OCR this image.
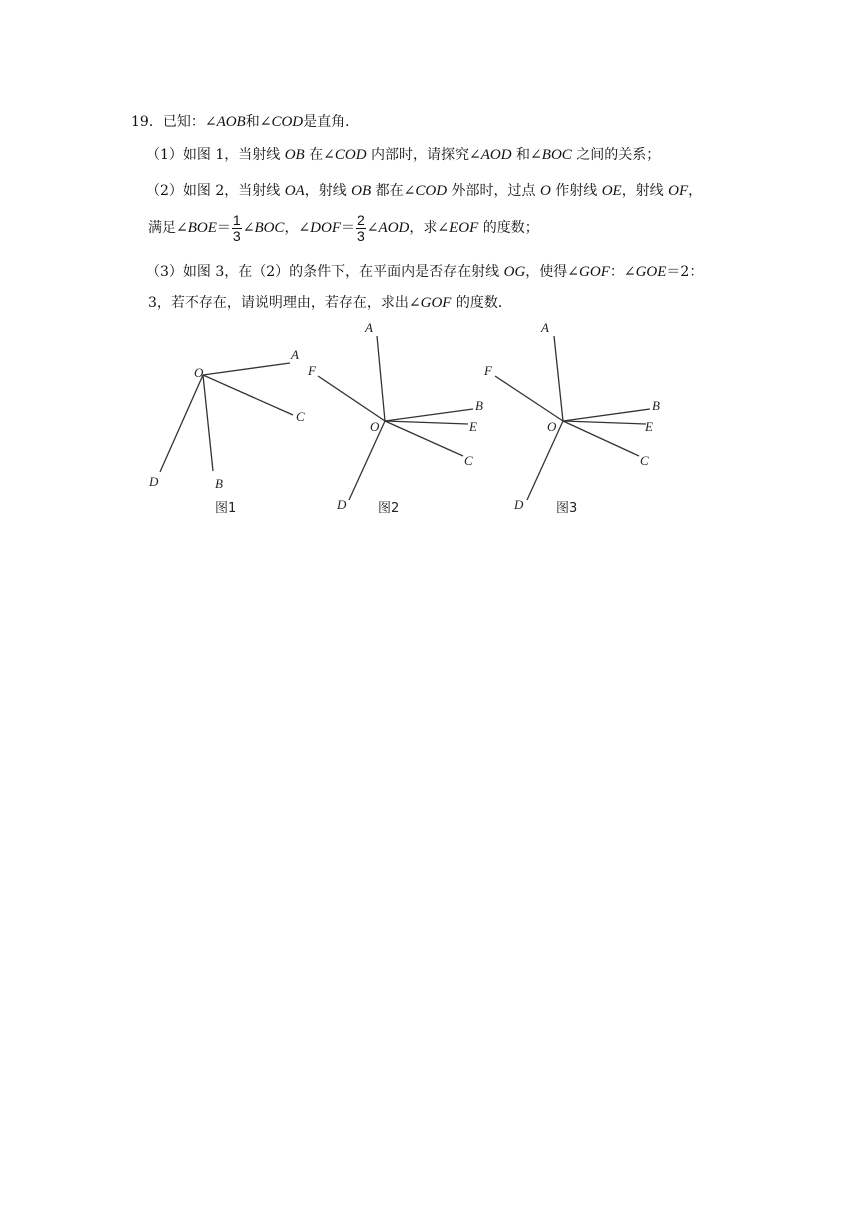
19．已知：∠AOB和∠COD是直角．
（1）如图 1，当射线 OB 在∠COD 内部时，请探究∠AOD 和∠BOC 之间的关系；
（2）如图 2，当射线 OA，射线 OB 都在∠COD 外部时，过点 O 作射线 OE，射线 OF，
满足∠BOE＝ $\frac{1}{3}$ ∠BOC，∠DOF＝ $\frac{2}{3}$ ∠AOD，求∠EOF 的度数；
（3）如图 3，在（2）的条件下，在平面内是否存在射线 OG，使得∠GOF：∠GOE＝2：
3，若不存在，请说明理由，若存在，求出∠GOF 的度数．
O
A
C
D	B
图1
A
F
B
O	E
C
D 图2
A
F
B
O	E
C
D	图3
